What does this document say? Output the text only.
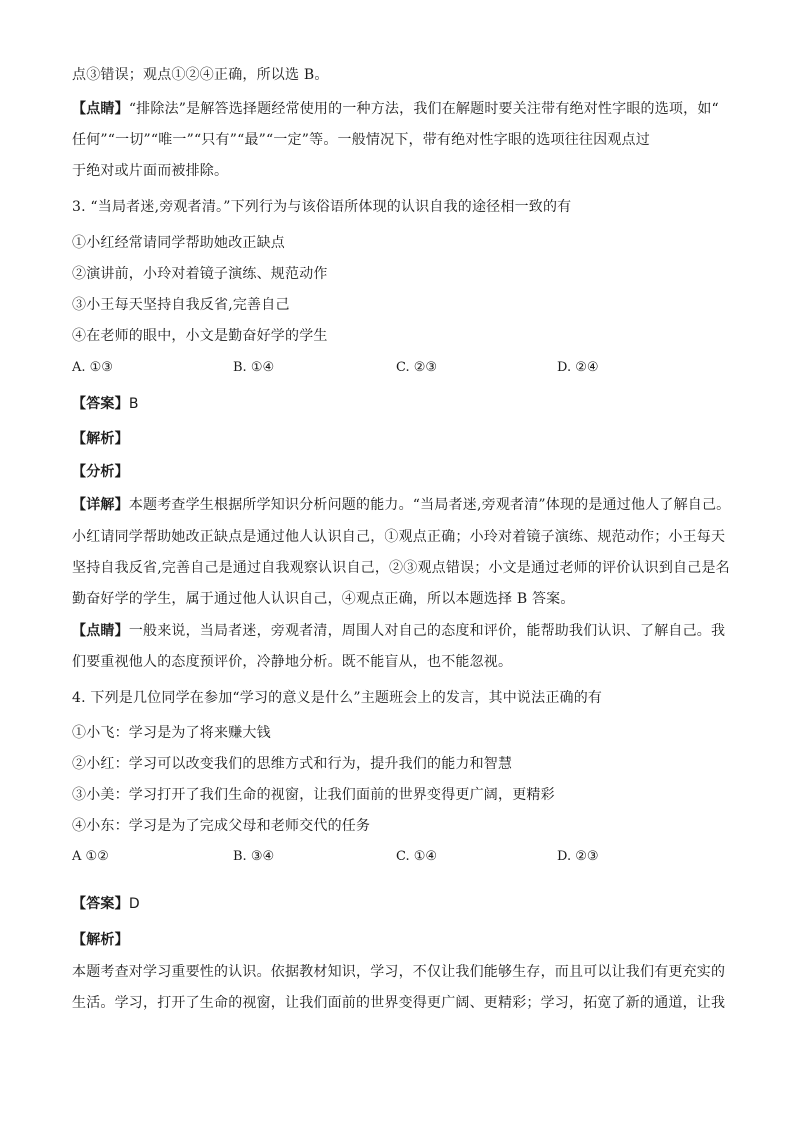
点③错误；观点①②④正确，所以选 B。
【点睛】“排除法”是解答选择题经常使用的一种方法，我们在解题时要关注带有绝对性字眼的选项，如“
任何”“一切”“唯一”“只有”“最”“一定”等。一般情况下，带有绝对性字眼的选项往往因观点过
于绝对或片面而被排除。
3. “当局者迷,旁观者清。”下列行为与该俗语所体现的认识自我的途径相一致的有
①小红经常请同学帮助她改正缺点
②演讲前，小玲对着镜子演练、规范动作
③小王每天坚持自我反省,完善自己
④在老师的眼中，小文是勤奋好学的学生
A. ①③	B. ①④	C. ②③	D. ②④
【答案】B
【解析】
【分析】
【详解】本题考查学生根据所学知识分析问题的能力。“当局者迷,旁观者清”体现的是通过他人了解自己。
小红请同学帮助她改正缺点是通过他人认识自己，①观点正确；小玲对着镜子演练、规范动作；小王每天
坚持自我反省,完善自己是通过自我观察认识自己，②③观点错误；小文是通过老师的评价认识到自己是名
勤奋好学的学生，属于通过他人认识自己，④观点正确，所以本题选择 B 答案。
【点睛】一般来说，当局者迷，旁观者清，周围人对自己的态度和评价，能帮助我们认识、了解自己。我
们要重视他人的态度预评价，冷静地分析。既不能盲从，也不能忽视。
4. 下列是几位同学在参加“学习的意义是什么”主题班会上的发言，其中说法正确的有
①小飞：学习是为了将来赚大钱
②小红：学习可以改变我们的思维方式和行为，提升我们的能力和智慧
③小美：学习打开了我们生命的视窗，让我们面前的世界变得更广阔，更精彩
④小东：学习是为了完成父母和老师交代的任务
A ①②	B. ③④	C. ①④	D. ②③
【答案】D
【解析】
本题考查对学习重要性的认识。依据教材知识，学习，不仅让我们能够生存，而且可以让我们有更充实的
生活。学习，打开了生命的视窗，让我们面前的世界变得更广阔、更精彩；学习，拓宽了新的通道，让我
